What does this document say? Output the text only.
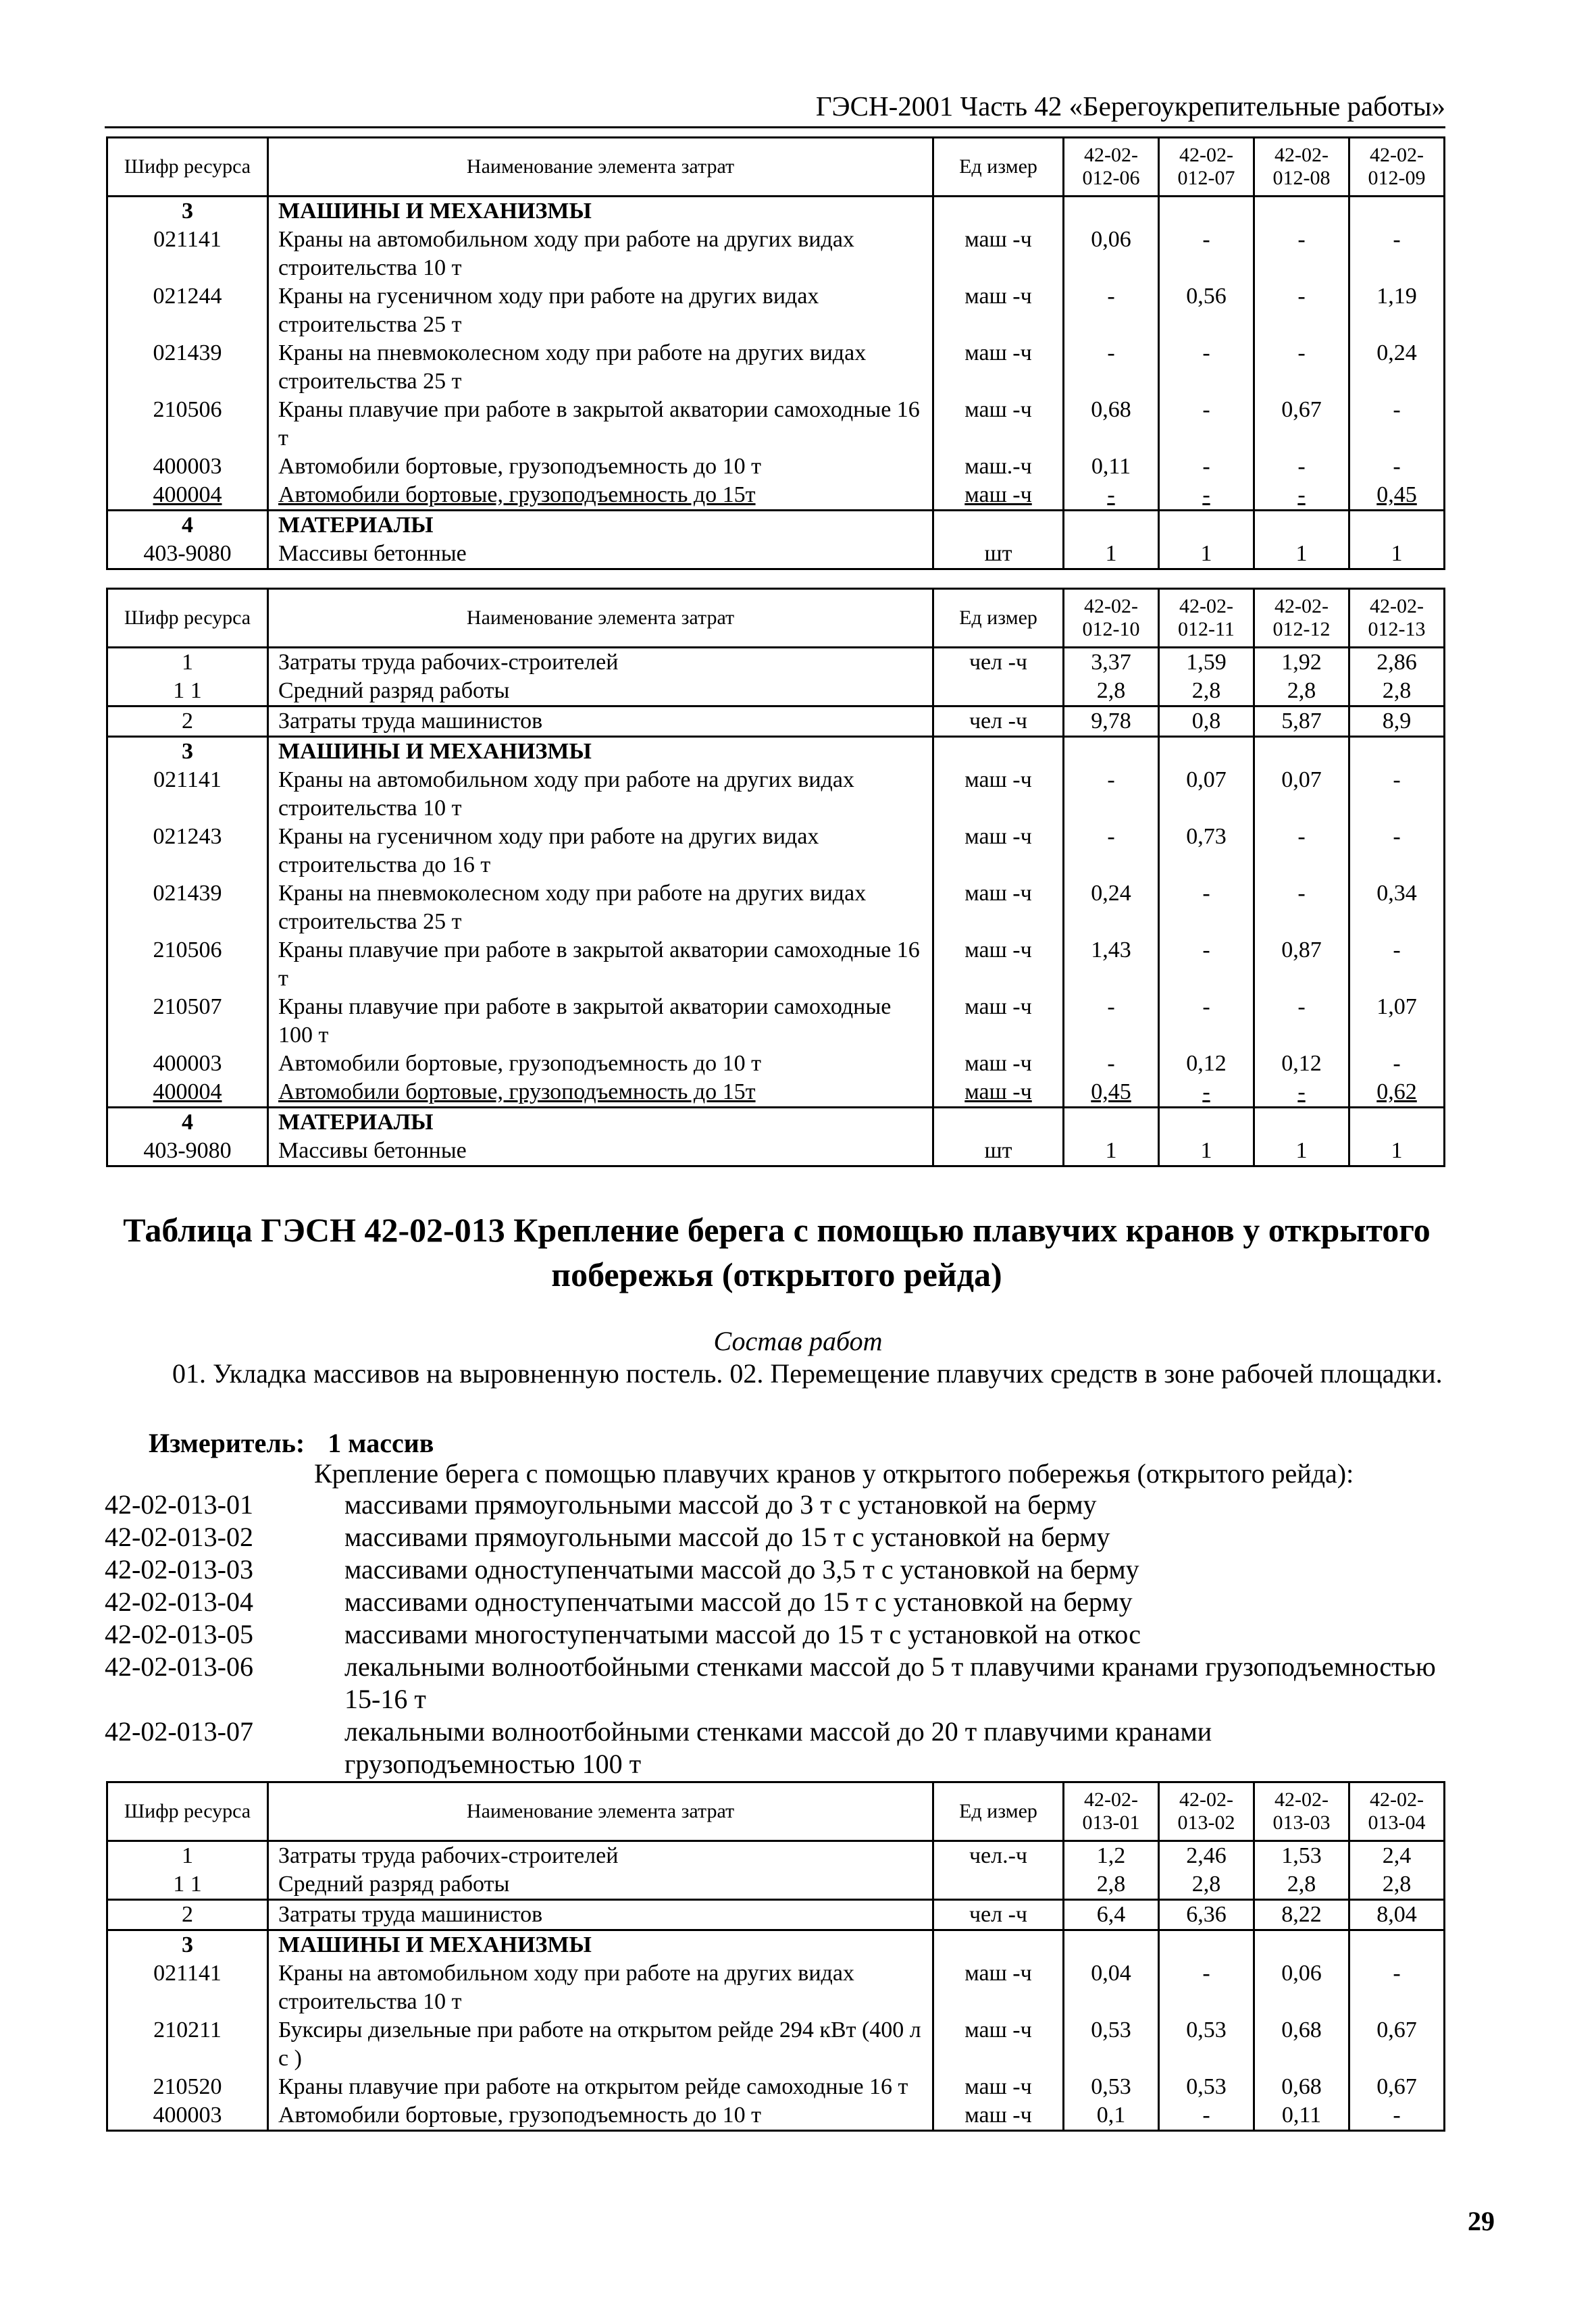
ГЭСН-2001 Часть 42 «Берегоукрепительные работы»
Шифр ресурса	Наименование элемента затрат	Ед измер	42-02-012-06	42-02-012-07	42-02-012-08	42-02-012-09
3	МАШИНЫ И МЕХАНИЗМЫ					
021141	Краны на автомобильном ходу при работе на других видах строительства 10 т	маш -ч	0,06	-	-	-
021244	Краны на гусеничном ходу при работе на других видах строительства 25 т	маш -ч	-	0,56	-	1,19
021439	Краны на пневмоколесном ходу при работе на других видах строительства 25 т	маш -ч	-	-	-	0,24
210506	Краны плавучие при работе в закрытой акватории самоходные 16 т	маш -ч	0,68	-	0,67	-
400003	Автомобили бортовые, грузоподъемность до 10 т	маш.-ч	0,11	-	-	-
400004	Автомобили бортовые, грузоподъемность до 15т	маш -ч	-	-	-	0,45
4	МАТЕРИАЛЫ					
403-9080	Массивы бетонные	шт	1	1	1	1
Шифр ресурса	Наименование элемента затрат	Ед измер	42-02-012-10	42-02-012-11	42-02-012-12	42-02-012-13
1	Затраты труда рабочих-строителей	чел -ч	3,37	1,59	1,92	2,86
1 1	Средний разряд работы		2,8	2,8	2,8	2,8
2	Затраты труда машинистов	чел -ч	9,78	0,8	5,87	8,9
3	МАШИНЫ И МЕХАНИЗМЫ					
021141	Краны на автомобильном ходу при работе на других видах строительства 10 т	маш -ч	-	0,07	0,07	-
021243	Краны на гусеничном ходу при работе на других видах строительства до 16 т	маш -ч	-	0,73	-	-
021439	Краны на пневмоколесном ходу при работе на других видах строительства 25 т	маш -ч	0,24	-	-	0,34
210506	Краны плавучие при работе в закрытой акватории самоходные 16 т	маш -ч	1,43	-	0,87	-
210507	Краны плавучие при работе в закрытой акватории самоходные 100 т	маш -ч	-	-	-	1,07
400003	Автомобили бортовые, грузоподъемность до 10 т	маш -ч	-	0,12	0,12	-
400004	Автомобили бортовые, грузоподъемность до 15т	маш -ч	0,45	-	-	0,62
4	МАТЕРИАЛЫ					
403-9080	Массивы бетонные	шт	1	1	1	1
Таблица ГЭСН 42-02-013 Крепление берега с помощью плавучих кранов у открытого побережья (открытого рейда)
Состав работ
01. Укладка массивов на выровненную постель. 02. Перемещение плавучих средств в зоне рабочей площадки.
Измеритель: 1 массив
Крепление берега с помощью плавучих кранов у открытого побережья (открытого рейда):
42-02-013-01	массивами прямоугольными массой до 3 т с установкой на берму
42-02-013-02	массивами прямоугольными массой до 15 т с установкой на берму
42-02-013-03	массивами одноступенчатыми массой до 3,5 т с установкой на берму
42-02-013-04	массивами одноступенчатыми массой до 15 т с установкой на берму
42-02-013-05	массивами многоступенчатыми массой до 15 т с установкой на откос
42-02-013-06	лекальными волноотбойными стенками массой до 5 т плавучими кранами грузоподъемностью 15-16 т
42-02-013-07	лекальными волноотбойными стенками массой до 20 т плавучими кранами грузоподъемностью 100 т
Шифр ресурса	Наименование элемента затрат	Ед измер	42-02-013-01	42-02-013-02	42-02-013-03	42-02-013-04
1	Затраты труда рабочих-строителей	чел.-ч	1,2	2,46	1,53	2,4
1 1	Средний разряд работы		2,8	2,8	2,8	2,8
2	Затраты труда машинистов	чел -ч	6,4	6,36	8,22	8,04
3	МАШИНЫ И МЕХАНИЗМЫ					
021141	Краны на автомобильном ходу при работе на других видах строительства 10 т	маш -ч	0,04	-	0,06	-
210211	Буксиры дизельные при работе на открытом рейде 294 кВт (400 л с )	маш -ч	0,53	0,53	0,68	0,67
210520	Краны плавучие при работе на открытом рейде самоходные 16 т	маш -ч	0,53	0,53	0,68	0,67
400003	Автомобили бортовые, грузоподъемность до 10 т	маш -ч	0,1	-	0,11	-
29
